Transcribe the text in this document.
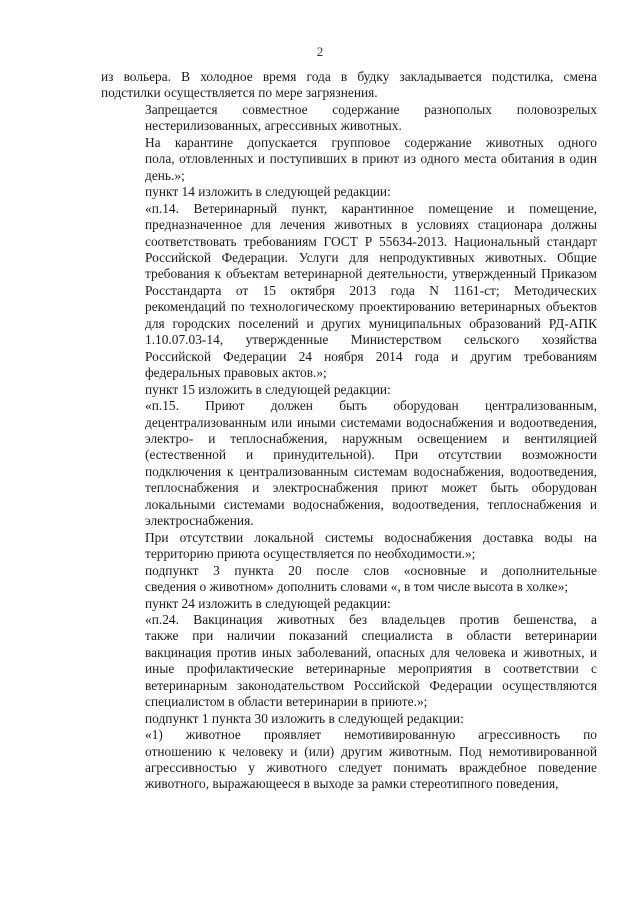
2

из вольера. В холодное время года в будку закладывается подстилка, смена
подстилки осуществляется по мере загрязнения.

Запрещается совместное содержание разнополых половозрелых
нестерилизованных, агрессивных животных.

На карантине допускается групповое содержание животных одного
пола, отловленных и поступивших в приют из одного места обитания в один
день.»;

пункт 14 изложить в следующей редакции:

«п.14. Ветеринарный пункт, карантинное помещение и помещение,
предназначенное для лечения животных в условиях стационара должны
соответствовать требованиям ГОСТ Р 55634-2013. Национальный стандарт
Российской Федерации. Услуги для непродуктивных животных. Общие
требования к объектам ветеринарной деятельности, утвержденный Приказом
Росстандарта от 15 октября 2013 года N 1161-ст; Методических
рекомендаций по технологическому проектированию ветеринарных объектов
для городских поселений и других муниципальных образований РД-АПК
1.10.07.03-14, утвержденные Министерством сельского хозяйства
Российской Федерации 24 ноября 2014 года и другим требованиям
федеральных правовых актов.»;

пункт 15 изложить в следующей редакции:

«п.15. Приют должен быть оборудован централизованным,
децентрализованным или иными системами водоснабжения и водоотведения,
электро- и теплоснабжения, наружным освещением и вентиляцией
(естественной и принудительной). При отсутствии возможности
подключения к централизованным системам водоснабжения, водоотведения,
теплоснабжения и электроснабжения приют может быть оборудован
локальными системами водоснабжения, водоотведения, теплоснабжения и
электроснабжения.

При отсутствии локальной системы водоснабжения доставка воды на
территорию приюта осуществляется по необходимости.»;

подпункт 3 пункта 20 после слов «основные и дополнительные
сведения о животном» дополнить словами «, в том числе высота в холке»;

пункт 24 изложить в следующей редакции:

«п.24. Вакцинация животных без владельцев против бешенства, а
также при наличии показаний специалиста в области ветеринарии
вакцинация против иных заболеваний, опасных для человека и животных, и
иные профилактические ветеринарные мероприятия в соответствии с
ветеринарным законодательством Российской Федерации осуществляются
специалистом в области ветеринарии в приюте.»;

подпункт 1 пункта 30 изложить в следующей редакции:

«1) животное проявляет немотивированную агрессивность по
отношению к человеку и (или) другим животным. Под немотивированной
агрессивностью у животного следует понимать враждебное поведение
животного, выражающееся в выходе за рамки стереотипного поведения,
